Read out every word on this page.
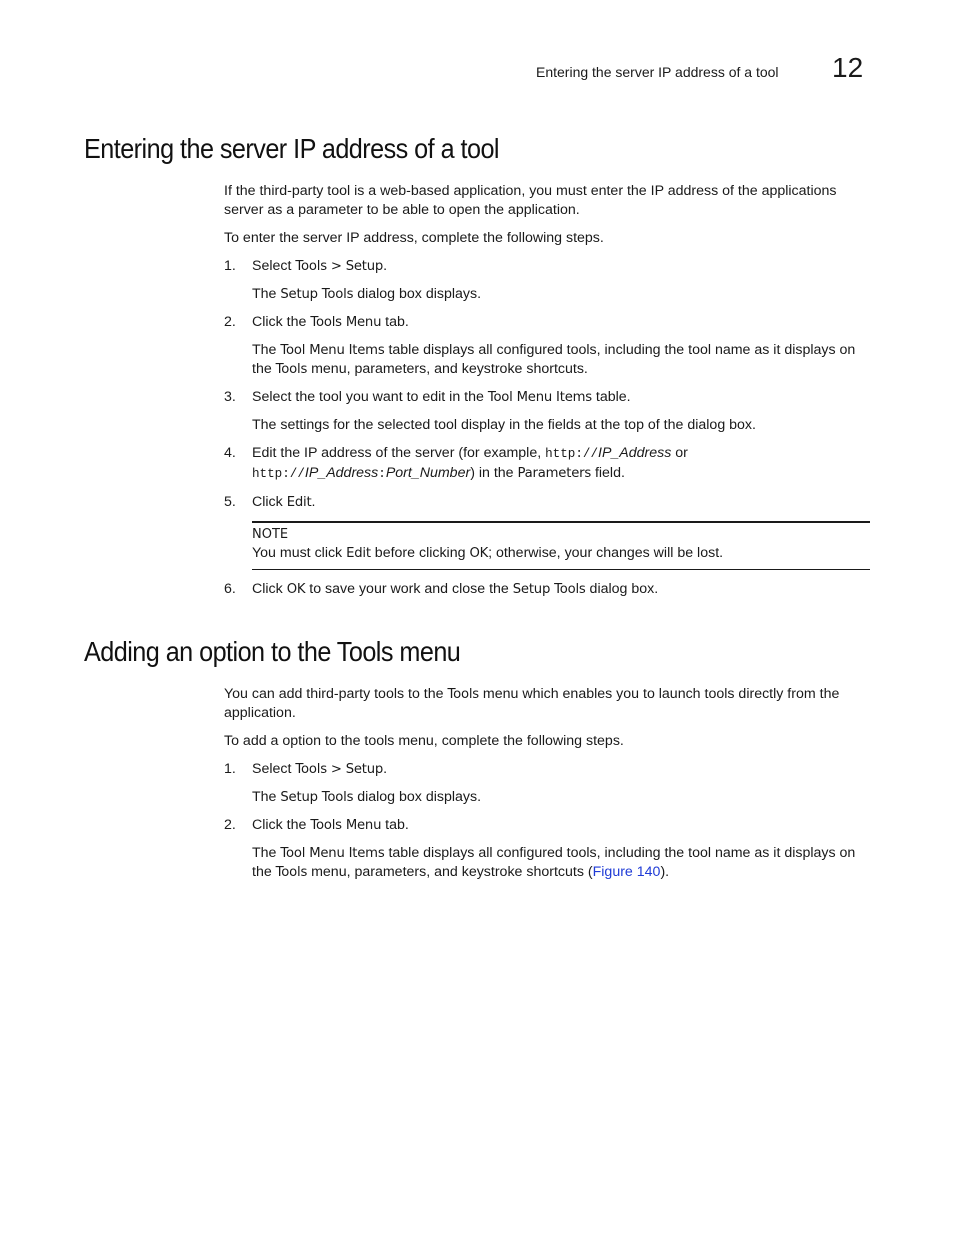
Entering the server IP address of a tool 12
Entering the server IP address of a tool

If the third-party tool is a web-based application, you must enter the IP address of the applications server as a parameter to be able to open the application.

To enter the server IP address, complete the following steps.

1.	Select Tools > Setup.

The Setup Tools dialog box displays.

2.	Click the Tools Menu tab.

The Tool Menu Items table displays all configured tools, including the tool name as it displays on the Tools menu, parameters, and keystroke shortcuts.

3.	Select the tool you want to edit in the Tool Menu Items table.

The settings for the selected tool display in the fields at the top of the dialog box.

4.	Edit the IP address of the server (for example, http://IP_Address or
http://IP_Address:Port_Number) in the Parameters field.
5.	Click Edit.
NOTE
You must click Edit before clicking OK; otherwise, your changes will be lost.
6.	Click OK to save your work and close the Setup Tools dialog box.
Adding an option to the Tools menu

You can add third-party tools to the Tools menu which enables you to launch tools directly from the application.

To add a option to the tools menu, complete the following steps.

1.	Select Tools > Setup.

The Setup Tools dialog box displays.

2.	Click the Tools Menu tab.

The Tool Menu Items table displays all configured tools, including the tool name as it displays on the Tools menu, parameters, and keystroke shortcuts (Figure 140).
